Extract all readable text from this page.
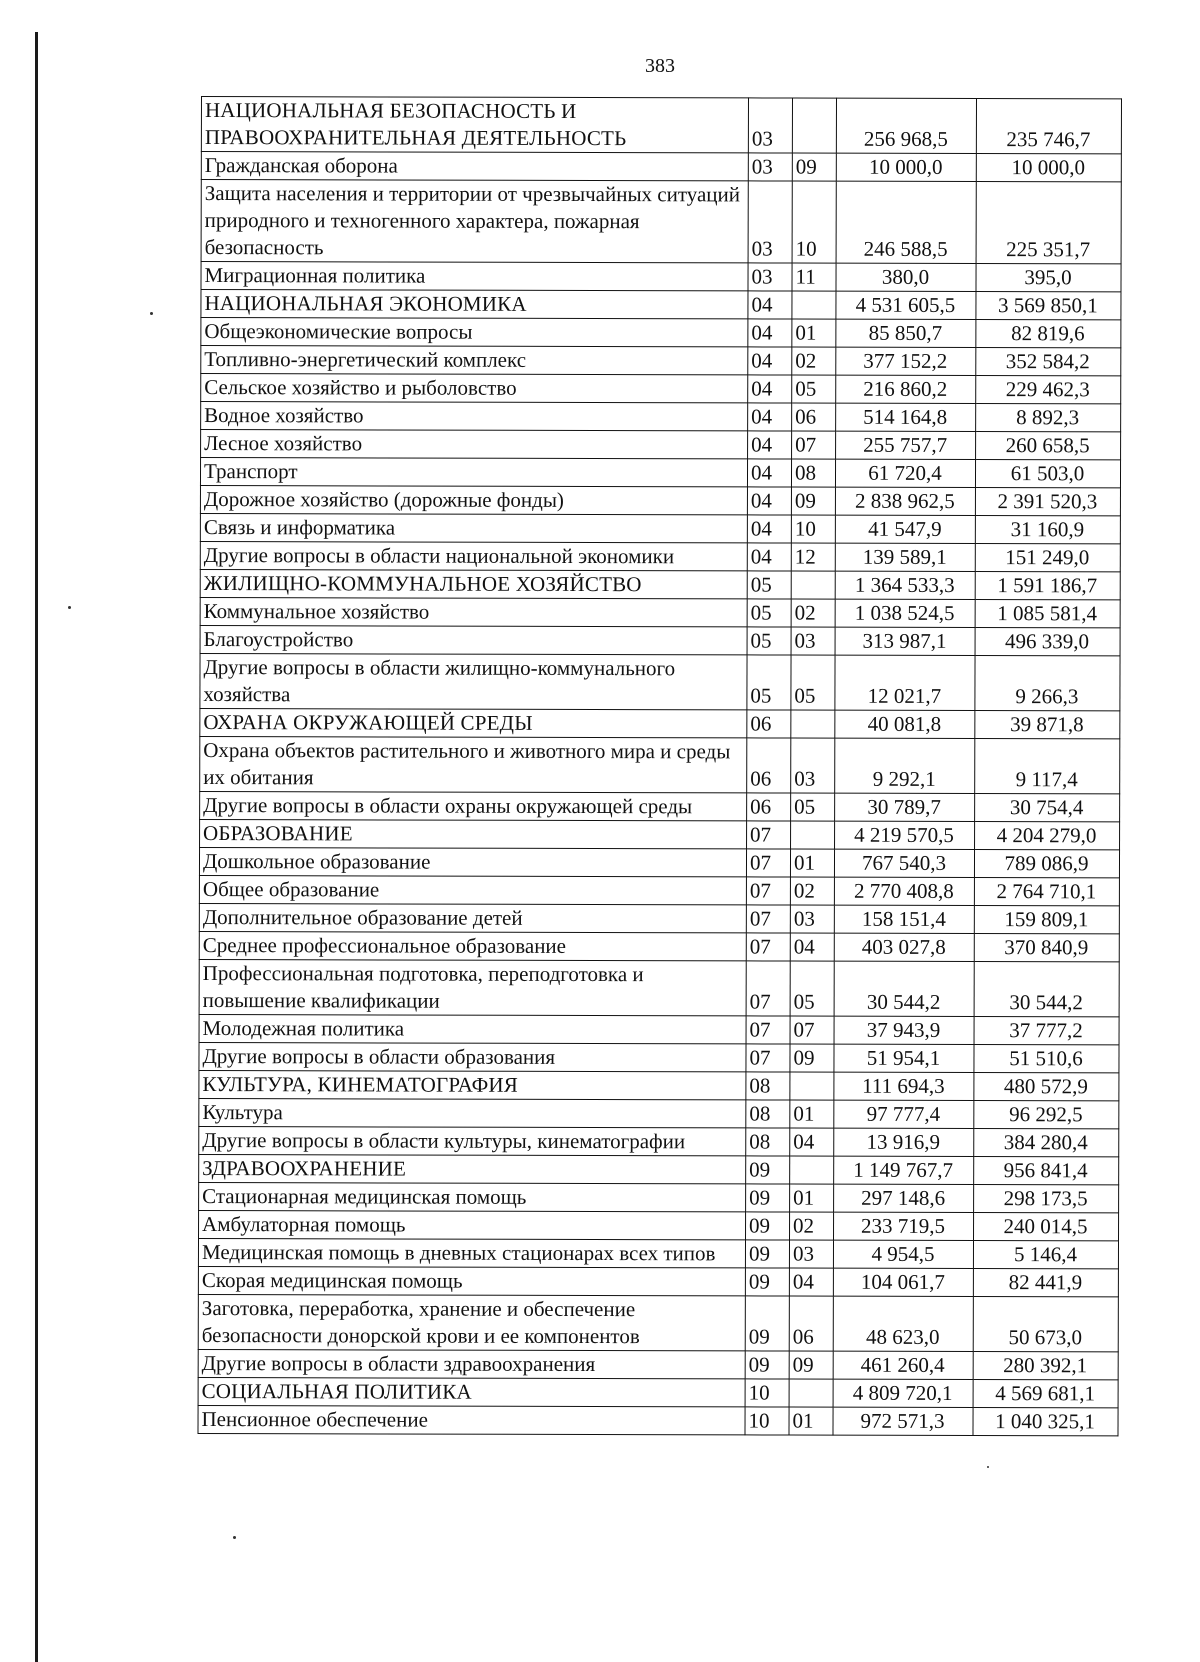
383
НАЦИОНАЛЬНАЯ БЕЗОПАСНОСТЬ И ПРАВООХРАНИТЕЛЬНАЯ ДЕЯТЕЛЬНОСТЬ	03		256 968,5	235 746,7
Гражданская оборона	03	09	10 000,0	10 000,0
Защита населения и территории от чрезвычайных ситуаций природного и техногенного характера, пожарная безопасность	03	10	246 588,5	225 351,7
Миграционная политика	03	11	380,0	395,0
НАЦИОНАЛЬНАЯ ЭКОНОМИКА	04		4 531 605,5	3 569 850,1
Общеэкономические вопросы	04	01	85 850,7	82 819,6
Топливно-энергетический комплекс	04	02	377 152,2	352 584,2
Сельское хозяйство и рыболовство	04	05	216 860,2	229 462,3
Водное хозяйство	04	06	514 164,8	8 892,3
Лесное хозяйство	04	07	255 757,7	260 658,5
Транспорт	04	08	61 720,4	61 503,0
Дорожное хозяйство (дорожные фонды)	04	09	2 838 962,5	2 391 520,3
Связь и информатика	04	10	41 547,9	31 160,9
Другие вопросы в области национальной экономики	04	12	139 589,1	151 249,0
ЖИЛИЩНО-КОММУНАЛЬНОЕ ХОЗЯЙСТВО	05		1 364 533,3	1 591 186,7
Коммунальное хозяйство	05	02	1 038 524,5	1 085 581,4
Благоустройство	05	03	313 987,1	496 339,0
Другие вопросы в области жилищно-коммунального хозяйства	05	05	12 021,7	9 266,3
ОХРАНА ОКРУЖАЮЩЕЙ СРЕДЫ	06		40 081,8	39 871,8
Охрана объектов растительного и животного мира и среды их обитания	06	03	9 292,1	9 117,4
Другие вопросы в области охраны окружающей среды	06	05	30 789,7	30 754,4
ОБРАЗОВАНИЕ	07		4 219 570,5	4 204 279,0
Дошкольное образование	07	01	767 540,3	789 086,9
Общее образование	07	02	2 770 408,8	2 764 710,1
Дополнительное образование детей	07	03	158 151,4	159 809,1
Среднее профессиональное образование	07	04	403 027,8	370 840,9
Профессиональная подготовка, переподготовка и повышение квалификации	07	05	30 544,2	30 544,2
Молодежная политика	07	07	37 943,9	37 777,2
Другие вопросы в области образования	07	09	51 954,1	51 510,6
КУЛЬТУРА, КИНЕМАТОГРАФИЯ	08		111 694,3	480 572,9
Культура	08	01	97 777,4	96 292,5
Другие вопросы в области культуры, кинематографии	08	04	13 916,9	384 280,4
ЗДРАВООХРАНЕНИЕ	09		1 149 767,7	956 841,4
Стационарная медицинская помощь	09	01	297 148,6	298 173,5
Амбулаторная помощь	09	02	233 719,5	240 014,5
Медицинская помощь в дневных стационарах всех типов	09	03	4 954,5	5 146,4
Скорая медицинская помощь	09	04	104 061,7	82 441,9
Заготовка, переработка, хранение и обеспечение безопасности донорской крови и ее компонентов	09	06	48 623,0	50 673,0
Другие вопросы в области здравоохранения	09	09	461 260,4	280 392,1
СОЦИАЛЬНАЯ ПОЛИТИКА	10		4 809 720,1	4 569 681,1
Пенсионное обеспечение	10	01	972 571,3	1 040 325,1
